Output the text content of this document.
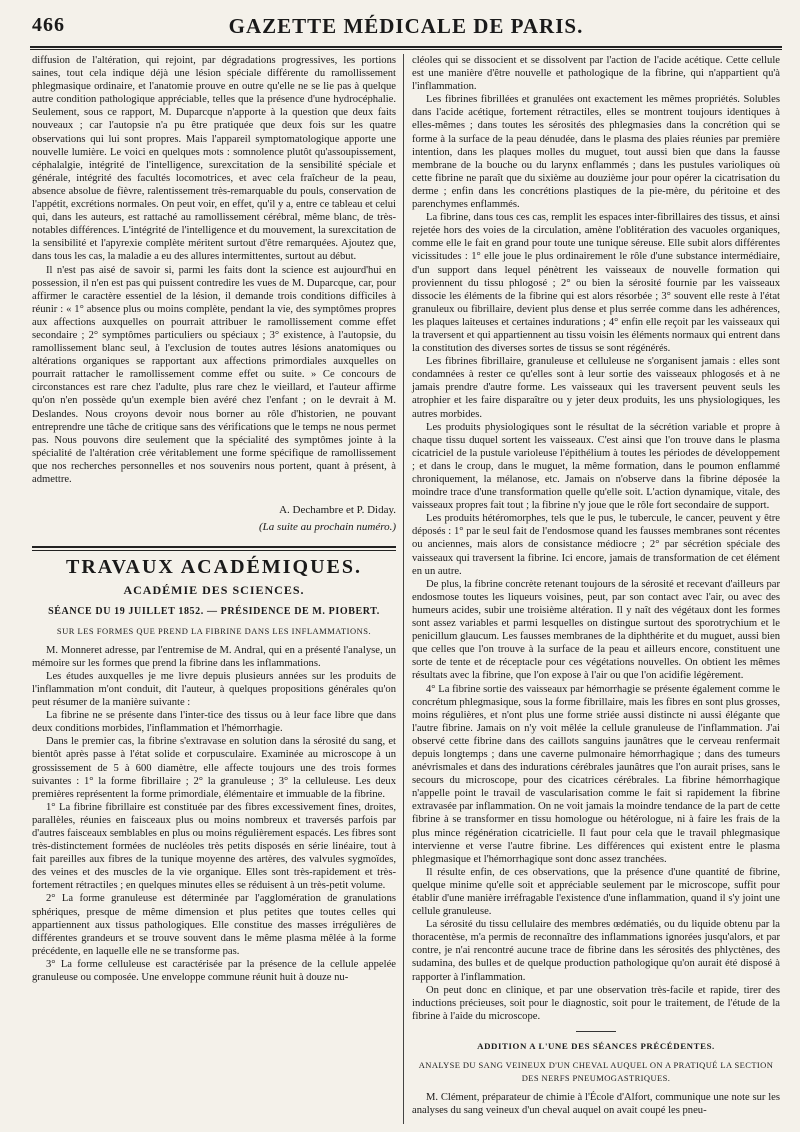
466	GAZETTE MÉDICALE DE PARIS.

diffusion de l'altération, qui rejoint, par dégradations progressives, les portions saines, tout cela indique déjà une lésion spéciale différente du ramollissement phlegmasique ordinaire, et l'anatomie prouve en outre qu'elle ne se lie pas à quelque autre condition pathologique appréciable, telles que la présence d'une hydrocéphalie. Seulement, sous ce rapport, M. Duparcque n'apporte à la question que deux faits nouveaux ; car l'autopsie n'a pu être pratiquée que deux fois sur les quatre observations qui lui sont propres. Mais l'appareil symptomatologique apporte une nouvelle lumière. Le voici en quelques mots : somnolence plutôt qu'assoupissement, céphalalgie, intégrité de l'intelligence, surexcitation de la sensibilité spéciale et générale, intégrité des facultés locomotrices, et avec cela fraîcheur de la peau, absence absolue de fièvre, ralentissement très-remarquable du pouls, conservation de l'appétit, excrétions normales. On peut voir, en effet, qu'il y a, entre ce tableau et celui qui, dans les auteurs, est rattaché au ramollissement cérébral, même blanc, de très-notables différences. L'intégrité de l'intelligence et du mouvement, la surexcitation de la sensibilité et l'apyrexie complète méritent surtout d'être remarquées. Ajoutez que, dans tous les cas, la maladie a eu des allures intermittentes, surtout au début.

Il n'est pas aisé de savoir si, parmi les faits dont la science est aujourd'hui en possession, il n'en est pas qui puissent contredire les vues de M. Duparcque, car, pour affirmer le caractère essentiel de la lésion, il demande trois conditions difficiles à réunir : « 1° absence plus ou moins complète, pendant la vie, des symptômes propres aux affections auxquelles on pourrait attribuer le ramollissement comme effet secondaire ; 2° symptômes particuliers ou spéciaux ; 3° existence, à l'autopsie, du ramollissement blanc seul, à l'exclusion de toutes autres lésions anatomiques ou altérations organiques se rapportant aux affections primordiales auxquelles on pourrait rattacher le ramollissement comme effet ou suite. » Ce concours de circonstances est rare chez l'adulte, plus rare chez le vieillard, et l'auteur affirme qu'on n'en possède qu'un exemple bien avéré chez l'enfant ; on le devrait à M. Deslandes. Nous croyons devoir nous borner au rôle d'historien, ne pouvant entreprendre une tâche de critique sans des vérifications que le temps ne nous permet pas. Nous pouvons dire seulement que la spécialité des symptômes jointe à la spécialité de l'altération crée véritablement une forme spécifique de ramollissement que nos recherches personnelles et nos souvenirs nous portent, quant à présent, à admettre.

A. Dechambre et P. Diday.

(La suite au prochain numéro.)

TRAVAUX ACADÉMIQUES.
ACADÉMIE DES SCIENCES.
SÉANCE DU 19 JUILLET 1852. — PRÉSIDENCE DE M. PIOBERT.
SUR LES FORMES QUE PREND LA FIBRINE DANS LES INFLAMMATIONS.

M. Monneret adresse, par l'entremise de M. Andral, qui en a présenté l'analyse, un mémoire sur les formes que prend la fibrine dans les inflammations.

Les études auxquelles je me livre depuis plusieurs années sur les produits de l'inflammation m'ont conduit, dit l'auteur, à quelques propositions générales qu'on peut résumer de la manière suivante :

La fibrine ne se présente dans l'inter-tice des tissus ou à leur face libre que dans deux conditions morbides, l'inflammation et l'hémorrhagie.

Dans le premier cas, la fibrine s'extravase en solution dans la sérosité du sang, et bientôt après passe à l'état solide et corpusculaire. Examinée au microscope à un grossissement de 5 à 600 diamètre, elle affecte toujours une des trois formes suivantes : 1° la forme fibrillaire ; 2° la granuleuse ; 3° la celluleuse. Les deux premières représentent la forme primordiale, élémentaire et immuable de la fibrine.

1° La fibrine fibrillaire est constituée par des fibres excessivement fines, droites, parallèles, réunies en faisceaux plus ou moins nombreux et traversés parfois par d'autres faisceaux semblables en plus ou moins régulièrement espacés. Les fibres sont très-distinctement formées de nucléoles très petits disposés en série linéaire, tout à fait pareilles aux fibres de la tunique moyenne des artères, des valvules sygmoïdes, des veines et des muscles de la vie organique. Elles sont très-rapidement et très-fortement rétractiles ; en quelques minutes elles se réduisent à un très-petit volume.

2° La forme granuleuse est déterminée par l'agglomération de granulations sphériques, presque de même dimension et plus petites que toutes celles qui appartiennent aux tissus pathologiques. Elle constitue des masses irrégulières de différentes grandeurs et se trouve souvent dans le même plasma mêlée à la forme précédente, en laquelle elle ne se transforme pas.

3° La forme celluleuse est caractérisée par la présence de la cellule appelée granuleuse ou composée. Une enveloppe commune réunit huit à douze nu-

cléoles qui se dissocient et se dissolvent par l'action de l'acide acétique. Cette cellule est une manière d'être nouvelle et pathologique de la fibrine, qui n'appartient qu'à l'inflammation.

Les fibrines fibrillées et granulées ont exactement les mêmes propriétés. Solubles dans l'acide acétique, fortement rétractiles, elles se montrent toujours identiques à elles-mêmes ; dans toutes les sérosités des phlegmasies dans la concrétion qui se forme à la surface de la peau dénudée, dans le plasma des plaies réunies par première intention, dans les plaques molles du muguet, tout aussi bien que dans la fausse membrane de la bouche ou du larynx enflammés ; dans les pustules varioliques où cette fibrine ne paraît que du sixième au douzième jour pour opérer la cicatrisation du derme ; enfin dans les concrétions plastiques de la pie-mère, du péritoine et des parenchymes enflammés.

La fibrine, dans tous ces cas, remplit les espaces inter-fibrillaires des tissus, et ainsi rejetée hors des voies de la circulation, amène l'oblitération des vacuoles organiques, comme elle le fait en grand pour toute une tunique séreuse. Elle subit alors différentes vicissitudes : 1° elle joue le plus ordinairement le rôle d'une substance intermédiaire, d'un support dans lequel pénètrent les vaisseaux de nouvelle formation qui proviennent du tissu phlogosé ; 2° ou bien la sérosité fournie par les vaisseaux dissocie les éléments de la fibrine qui est alors résorbée ; 3° souvent elle reste à l'état granuleux ou fibrillaire, devient plus dense et plus serrée comme dans les adhérences, les plaques laiteuses et certaines indurations ; 4° enfin elle reçoit par les vaisseaux qui la traversent et qui appartiennent au tissu voisin les éléments normaux qui entrent dans la constitution des diverses sortes de tissus se sont régénérés.

Les fibrines fibrillaire, granuleuse et celluleuse ne s'organisent jamais : elles sont condamnées à rester ce qu'elles sont à leur sortie des vaisseaux phlogosés et à ne jamais prendre d'autre forme. Les vaisseaux qui les traversent peuvent seuls les atrophier et les faire disparaître ou y jeter deux produits, les uns physiologiques, les autres morbides.

Les produits physiologiques sont le résultat de la sécrétion variable et propre à chaque tissu duquel sortent les vaisseaux. C'est ainsi que l'on trouve dans le plasma cicatriciel de la pustule varioleuse l'épithélium à toutes les périodes de développement ; et dans le croup, dans le muguet, la même formation, dans le poumon enflammé chroniquement, la mélanose, etc. Jamais on n'observe dans la fibrine déposée la moindre trace d'une transformation quelle qu'elle soit. L'action dynamique, vitale, des vaisseaux propres fait tout ; la fibrine n'y joue que le rôle fort secondaire de support.

Les produits hétéromorphes, tels que le pus, le tubercule, le cancer, peuvent y être déposés : 1° par le seul fait de l'endosmose quand les fausses membranes sont récentes ou anciennes, mais alors de consistance médiocre ; 2° par sécrétion spéciale des vaisseaux qui traversent la fibrine. Ici encore, jamais de transformation de cet élément en un autre.

De plus, la fibrine concrète retenant toujours de la sérosité et recevant d'ailleurs par endosmose toutes les liqueurs voisines, peut, par son contact avec l'air, ou avec des humeurs acides, subir une troisième altération. Il y naît des végétaux dont les formes sont assez variables et parmi lesquelles on distingue surtout des sporotrychium et le penicillum glaucum. Les fausses membranes de la diphthérite et du muguet, aussi bien que celles que l'on trouve à la surface de la peau et ailleurs encore, constituent une sorte de tente et de réceptacle pour ces végétations nouvelles. On obtient les mêmes résultats avec la fibrine, que l'on expose à l'air ou que l'on acidifie légèrement.

4° La fibrine sortie des vaisseaux par hémorrhagie se présente également comme le concrétum phlegmasique, sous la forme fibrillaire, mais les fibres en sont plus grosses, moins régulières, et n'ont plus une forme striée aussi distincte ni aussi élégante que l'autre fibrine. Jamais on n'y voit mêlée la cellule granuleuse de l'inflammation. J'ai observé cette fibrine dans des caillots sanguins jaunâtres que le cerveau renfermait depuis longtemps ; dans une caverne pulmonaire hémorrhagique ; dans des tumeurs anévrismales et dans des indurations cérébrales jaunâtres que l'on aurait prises, sans le secours du microscope, pour des cicatrices cérébrales. La fibrine hémorrhagique n'appelle point le travail de vascularisation comme le fait si rapidement la fibrine extravasée par inflammation. On ne voit jamais la moindre tendance de la part de cette fibrine à se transformer en tissu homologue ou hétérologue, ni à faire les frais de la plus mince régénération cicatricielle. Il faut pour cela que le travail phlegmasique intervienne et verse l'autre fibrine. Les différences qui existent entre le plasma phlegmasique et l'hémorrhagique sont donc assez tranchées.

Il résulte enfin, de ces observations, que la présence d'une quantité de fibrine, quelque minime qu'elle soit et appréciable seulement par le microscope, suffit pour établir d'une manière irréfragable l'existence d'une inflammation, quand il s'y joint une cellule granuleuse.

La sérosité du tissu cellulaire des membres œdématiés, ou du liquide obtenu par la thoracentèse, m'a permis de reconnaître des inflammations ignorées jusqu'alors, et par contre, je n'ai rencontré aucune trace de fibrine dans les sérosités des phlyctènes, des sudamina, des bulles et de quelque production pathologique qu'on aurait été disposé à rapporter à l'inflammation.

On peut donc en clinique, et par une observation très-facile et rapide, tirer des inductions précieuses, soit pour le diagnostic, soit pour le traitement, de l'étude de la fibrine à l'aide du microscope.

ADDITION A L'UNE DES SÉANCES PRÉCÉDENTES.
ANALYSE DU SANG VEINEUX D'UN CHEVAL AUQUEL ON A PRATIQUÉ LA SECTION DES NERFS PNEUMOGASTRIQUES.

M. Clément, préparateur de chimie à l'École d'Alfort, communique une note sur les analyses du sang veineux d'un cheval auquel on avait coupé les pneu-
